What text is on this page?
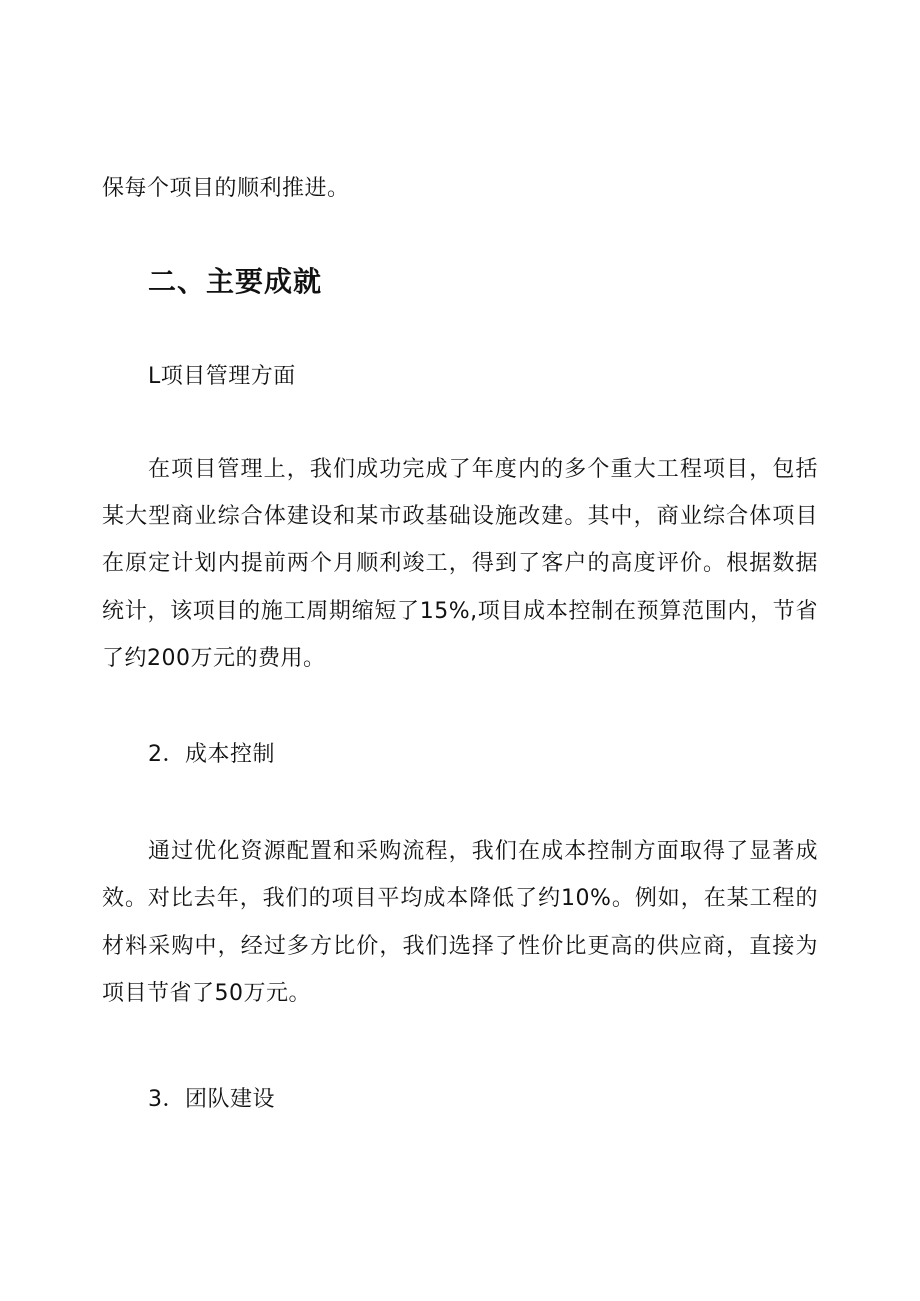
保每个项目的顺利推进。
二、主要成就
L项目管理方面
在项目管理上，我们成功完成了年度内的多个重大工程项目，包括
某大型商业综合体建设和某市政基础设施改建。其中，商业综合体项目
在原定计划内提前两个月顺利竣工，得到了客户的高度评价。根据数据
统计，该项目的施工周期缩短了15%,项目成本控制在预算范围内，节省
了约200万元的费用。
2．成本控制
通过优化资源配置和采购流程，我们在成本控制方面取得了显著成
效。对比去年，我们的项目平均成本降低了约10%。例如，在某工程的
材料采购中，经过多方比价，我们选择了性价比更高的供应商，直接为
项目节省了50万元。
3．团队建设
